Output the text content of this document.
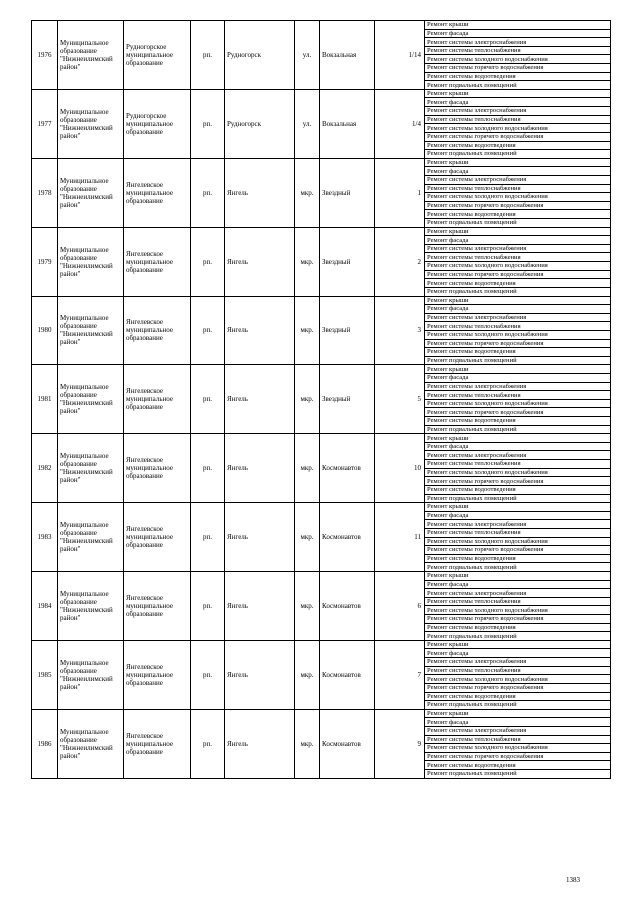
1976	Муниципальное образование "Нижнеилимский район"	Рудногорское муниципальное образование	рп.	Рудногорск	ул.	Вокзальная	1/14	Ремонт крыши
								Ремонт фасада
								Ремонт системы электроснабжения
								Ремонт системы теплоснабжения
								Ремонт системы холодного водоснабжения
								Ремонт системы горячего водоснабжения
								Ремонт системы водоотведения
								Ремонт подвальных помещений
1977	Муниципальное образование "Нижнеилимский район"	Рудногорское муниципальное образование	рп.	Рудногорск	ул.	Вокзальная	1/4	Ремонт крыши
								Ремонт фасада
								Ремонт системы электроснабжения
								Ремонт системы теплоснабжения
								Ремонт системы холодного водоснабжения
								Ремонт системы горячего водоснабжения
								Ремонт системы водоотведения
								Ремонт подвальных помещений
1978	Муниципальное образование "Нижнеилимский район"	Янгелевское муниципальное образование	рп.	Янгель	мкр.	Звездный	1	Ремонт крыши
								Ремонт фасада
								Ремонт системы электроснабжения
								Ремонт системы теплоснабжения
								Ремонт системы холодного водоснабжения
								Ремонт системы горячего водоснабжения
								Ремонт системы водоотведения
								Ремонт подвальных помещений
1979	Муниципальное образование "Нижнеилимский район"	Янгелевское муниципальное образование	рп.	Янгель	мкр.	Звездный	2	Ремонт крыши
								Ремонт фасада
								Ремонт системы электроснабжения
								Ремонт системы теплоснабжения
								Ремонт системы холодного водоснабжения
								Ремонт системы горячего водоснабжения
								Ремонт системы водоотведения
								Ремонт подвальных помещений
1980	Муниципальное образование "Нижнеилимский район"	Янгелевское муниципальное образование	рп.	Янгель	мкр.	Звездный	3	Ремонт крыши
								Ремонт фасада
								Ремонт системы электроснабжения
								Ремонт системы теплоснабжения
								Ремонт системы холодного водоснабжения
								Ремонт системы горячего водоснабжения
								Ремонт системы водоотведения
								Ремонт подвальных помещений
1981	Муниципальное образование "Нижнеилимский район"	Янгелевское муниципальное образование	рп.	Янгель	мкр.	Звездный	5	Ремонт крыши
								Ремонт фасада
								Ремонт системы электроснабжения
								Ремонт системы теплоснабжения
								Ремонт системы холодного водоснабжения
								Ремонт системы горячего водоснабжения
								Ремонт системы водоотведения
								Ремонт подвальных помещений
1982	Муниципальное образование "Нижнеилимский район"	Янгелевское муниципальное образование	рп.	Янгель	мкр.	Космонавтов	10	Ремонт крыши
								Ремонт фасада
								Ремонт системы электроснабжения
								Ремонт системы теплоснабжения
								Ремонт системы холодного водоснабжения
								Ремонт системы горячего водоснабжения
								Ремонт системы водоотведения
								Ремонт подвальных помещений
1983	Муниципальное образование "Нижнеилимский район"	Янгелевское муниципальное образование	рп.	Янгель	мкр.	Космонавтов	11	Ремонт крыши
								Ремонт фасада
								Ремонт системы электроснабжения
								Ремонт системы теплоснабжения
								Ремонт системы холодного водоснабжения
								Ремонт системы горячего водоснабжения
								Ремонт системы водоотведения
								Ремонт подвальных помещений
1984	Муниципальное образование "Нижнеилимский район"	Янгелевское муниципальное образование	рп.	Янгель	мкр.	Космонавтов	6	Ремонт крыши
								Ремонт фасада
								Ремонт системы электроснабжения
								Ремонт системы теплоснабжения
								Ремонт системы холодного водоснабжения
								Ремонт системы горячего водоснабжения
								Ремонт системы водоотведения
								Ремонт подвальных помещений
1985	Муниципальное образование "Нижнеилимский район"	Янгелевское муниципальное образование	рп.	Янгель	мкр.	Космонавтов	7	Ремонт крыши
								Ремонт фасада
								Ремонт системы электроснабжения
								Ремонт системы теплоснабжения
								Ремонт системы холодного водоснабжения
								Ремонт системы горячего водоснабжения
								Ремонт системы водоотведения
								Ремонт подвальных помещений
1986	Муниципальное образование "Нижнеилимский район"	Янгелевское муниципальное образование	рп.	Янгель	мкр.	Космонавтов	9	Ремонт крыши
								Ремонт фасада
								Ремонт системы электроснабжения
								Ремонт системы теплоснабжения
								Ремонт системы холодного водоснабжения
								Ремонт системы горячего водоснабжения
								Ремонт системы водоотведения
								Ремонт подвальных помещений
1383
